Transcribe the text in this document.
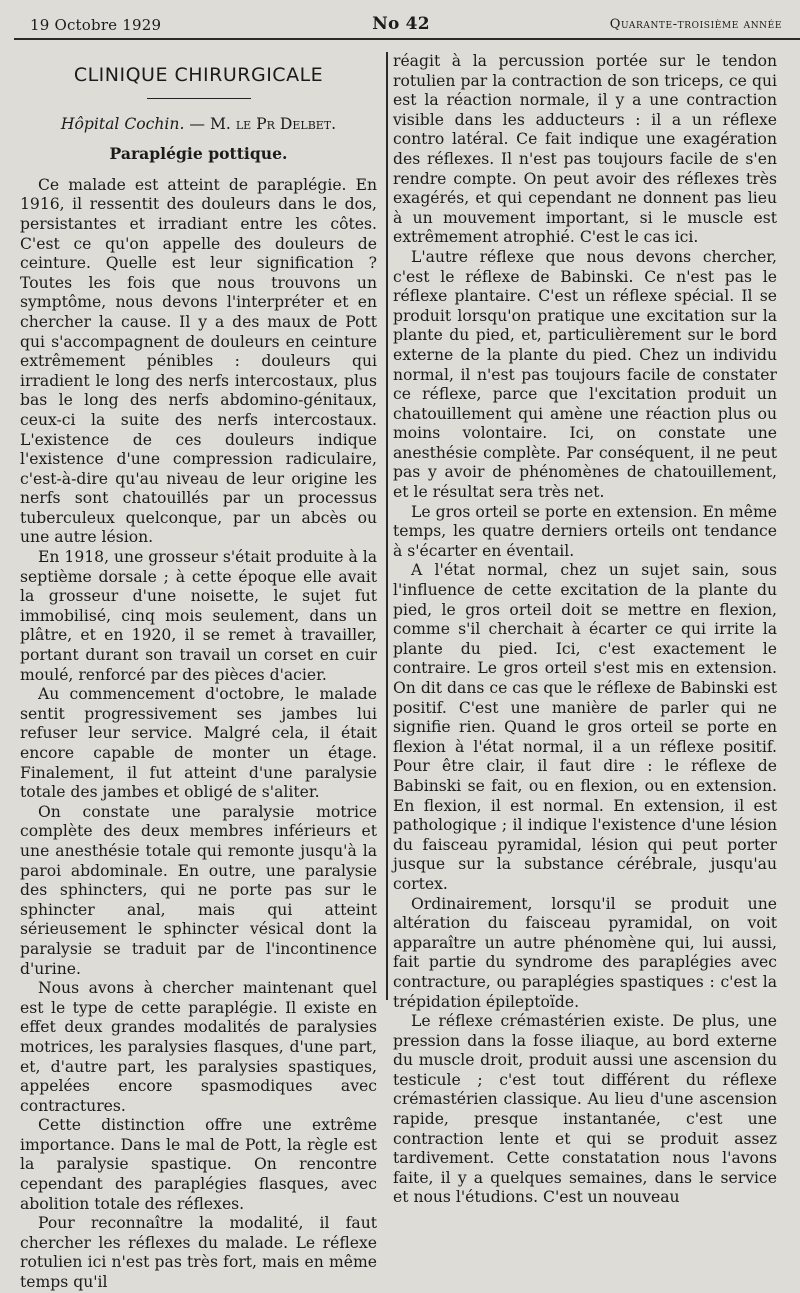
19 Octobre 1929	No 42	Quarante-troisième année
CLINIQUE CHIRURGICALE
Hôpital Cochin. — M. le Pr Delbet.
Paraplégie pottique.

Ce malade est atteint de paraplégie. En 1916, il ressentit des douleurs dans le dos, persistantes et irradiant entre les côtes. C'est ce qu'on appelle des douleurs de ceinture. Quelle est leur signification ? Toutes les fois que nous trouvons un symptôme, nous devons l'interpréter et en chercher la cause. Il y a des maux de Pott qui s'accompagnent de douleurs en ceinture extrêmement pénibles : douleurs qui irradient le long des nerfs intercostaux, plus bas le long des nerfs abdomino-génitaux, ceux-ci la suite des nerfs intercostaux. L'existence de ces douleurs indique l'existence d'une compression radiculaire, c'est-à-dire qu'au niveau de leur origine les nerfs sont chatouillés par un processus tuberculeux quelconque, par un abcès ou une autre lésion.

En 1918, une grosseur s'était produite à la septième dorsale ; à cette époque elle avait la grosseur d'une noisette, le sujet fut immobilisé, cinq mois seulement, dans un plâtre, et en 1920, il se remet à travailler, portant durant son travail un corset en cuir moulé, renforcé par des pièces d'acier.

Au commencement d'octobre, le malade sentit progressivement ses jambes lui refuser leur service. Malgré cela, il était encore capable de monter un étage. Finalement, il fut atteint d'une paralysie totale des jambes et obligé de s'aliter.

On constate une paralysie motrice complète des deux membres inférieurs et une anesthésie totale qui remonte jusqu'à la paroi abdominale. En outre, une paralysie des sphincters, qui ne porte pas sur le sphincter anal, mais qui atteint sérieusement le sphincter vésical dont la paralysie se traduit par de l'incontinence d'urine.

Nous avons à chercher maintenant quel est le type de cette paraplégie. Il existe en effet deux grandes modalités de paralysies motrices, les paralysies flasques, d'une part, et, d'autre part, les paralysies spastiques, appelées encore spasmodiques avec contractures.

Cette distinction offre une extrême importance. Dans le mal de Pott, la règle est la paralysie spastique. On rencontre cependant des paraplégies flasques, avec abolition totale des réflexes.

Pour reconnaître la modalité, il faut chercher les réflexes du malade. Le réflexe rotulien ici n'est pas très fort, mais en même temps qu'il

réagit à la percussion portée sur le tendon rotulien par la contraction de son triceps, ce qui est la réaction normale, il y a une contraction visible dans les adducteurs : il a un réflexe contro latéral. Ce fait indique une exagération des réflexes. Il n'est pas toujours facile de s'en rendre compte. On peut avoir des réflexes très exagérés, et qui cependant ne donnent pas lieu à un mouvement important, si le muscle est extrêmement atrophié. C'est le cas ici.

L'autre réflexe que nous devons chercher, c'est le réflexe de Babinski. Ce n'est pas le réflexe plantaire. C'est un réflexe spécial. Il se produit lorsqu'on pratique une excitation sur la plante du pied, et, particulièrement sur le bord externe de la plante du pied. Chez un individu normal, il n'est pas toujours facile de constater ce réflexe, parce que l'excitation produit un chatouillement qui amène une réaction plus ou moins volontaire. Ici, on constate une anesthésie complète. Par conséquent, il ne peut pas y avoir de phénomènes de chatouillement, et le résultat sera très net.

Le gros orteil se porte en extension. En même temps, les quatre derniers orteils ont tendance à s'écarter en éventail.

A l'état normal, chez un sujet sain, sous l'influence de cette excitation de la plante du pied, le gros orteil doit se mettre en flexion, comme s'il cherchait à écarter ce qui irrite la plante du pied. Ici, c'est exactement le contraire. Le gros orteil s'est mis en extension. On dit dans ce cas que le réflexe de Babinski est positif. C'est une manière de parler qui ne signifie rien. Quand le gros orteil se porte en flexion à l'état normal, il a un réflexe positif. Pour être clair, il faut dire : le réflexe de Babinski se fait, ou en flexion, ou en extension. En flexion, il est normal. En extension, il est pathologique ; il indique l'existence d'une lésion du faisceau pyramidal, lésion qui peut porter jusque sur la substance cérébrale, jusqu'au cortex.

Ordinairement, lorsqu'il se produit une altération du faisceau pyramidal, on voit apparaître un autre phénomène qui, lui aussi, fait partie du syndrome des paraplégies avec contracture, ou paraplégies spastiques : c'est la trépidation épileptoïde.

Le réflexe crémastérien existe. De plus, une pression dans la fosse iliaque, au bord externe du muscle droit, produit aussi une ascension du testicule ; c'est tout différent du réflexe crémastérien classique. Au lieu d'une ascension rapide, presque instantanée, c'est une contraction lente et qui se produit assez tardivement. Cette constatation nous l'avons faite, il y a quelques semaines, dans le service et nous l'étudions. C'est un nouveau
